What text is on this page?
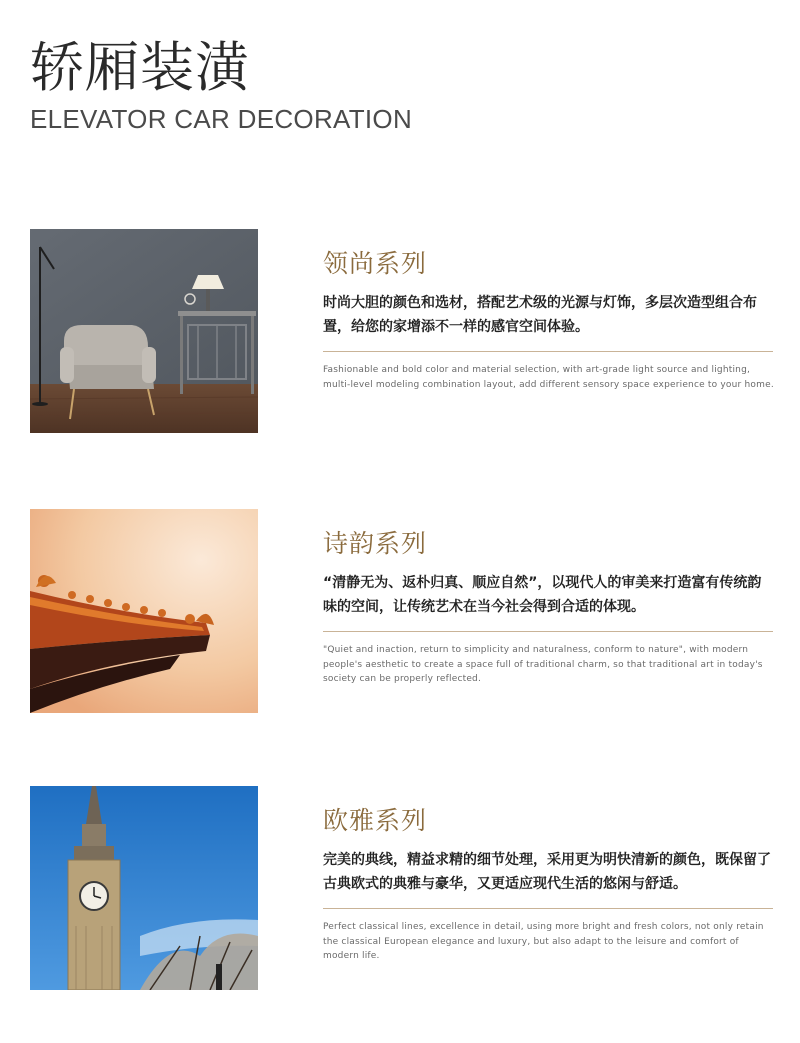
轿厢装潢
ELEVATOR CAR DECORATION
领尚系列
时尚大胆的颜色和选材，搭配艺术级的光源与灯饰，多层次造型组合布置，给您的家增添不一样的感官空间体验。
Fashionable and bold color and material selection, with art-grade light source and lighting, multi-level modeling combination layout, add different sensory space experience to your home.
诗韵系列
“清静无为、返朴归真、顺应自然”，以现代人的审美来打造富有传统韵味的空间，让传统艺术在当今社会得到合适的体现。
"Quiet and inaction, return to simplicity and naturalness, conform to nature", with modern people's aesthetic to create a space full of traditional charm, so that traditional art in today's society can be properly reflected.
欧雅系列
完美的典线，精益求精的细节处理，采用更为明快清新的颜色，既保留了古典欧式的典雅与豪华，又更适应现代生活的悠闲与舒适。
Perfect classical lines, excellence in detail, using more bright and fresh colors, not only retain the classical European elegance and luxury, but also adapt to the leisure and comfort of modern life.
